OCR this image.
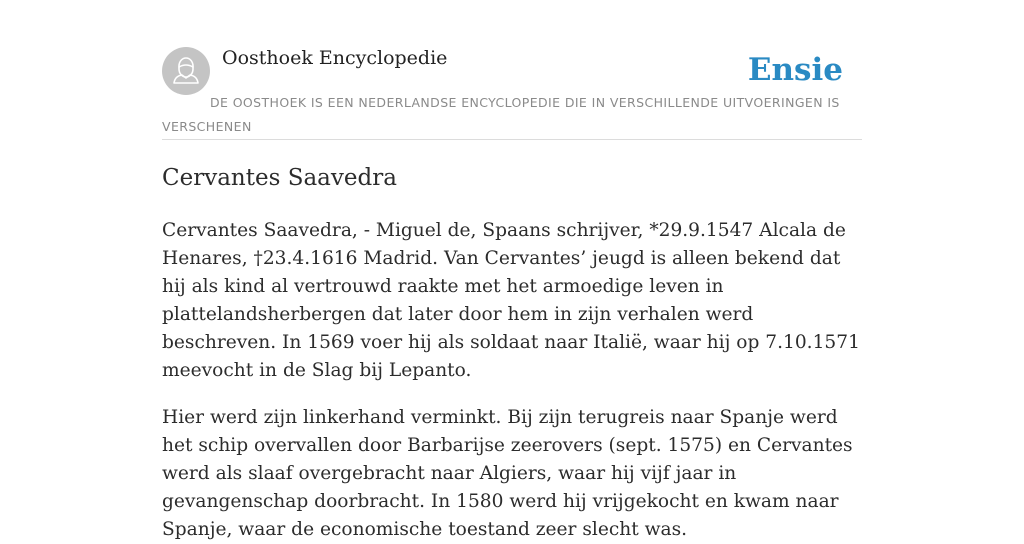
Oosthoek Encyclopedie	Ensie
DE OOSTHOEK IS EEN NEDERLANDSE ENCYCLOPEDIE DIE IN VERSCHILLENDE UITVOERINGEN IS VERSCHENEN
Cervantes Saavedra

Cervantes Saavedra, - Miguel de, Spaans schrijver, *29.9.1547 Alcala de Henares, †23.4.1616 Madrid. Van Cervantes’ jeugd is alleen bekend dat hij als kind al vertrouwd raakte met het armoedige leven in plattelandsherbergen dat later door hem in zijn verhalen werd beschreven. In 1569 voer hij als soldaat naar Italië, waar hij op 7.10.1571 meevocht in de Slag bij Lepanto.

Hier werd zijn linkerhand verminkt. Bij zijn terugreis naar Spanje werd het schip overvallen door Barbarijse zeerovers (sept. 1575) en Cervantes werd als slaaf overgebracht naar Algiers, waar hij vijf jaar in gevangenschap doorbracht. In 1580 werd hij vrijgekocht en kwam naar Spanje, waar de economische toestand zeer slecht was.
